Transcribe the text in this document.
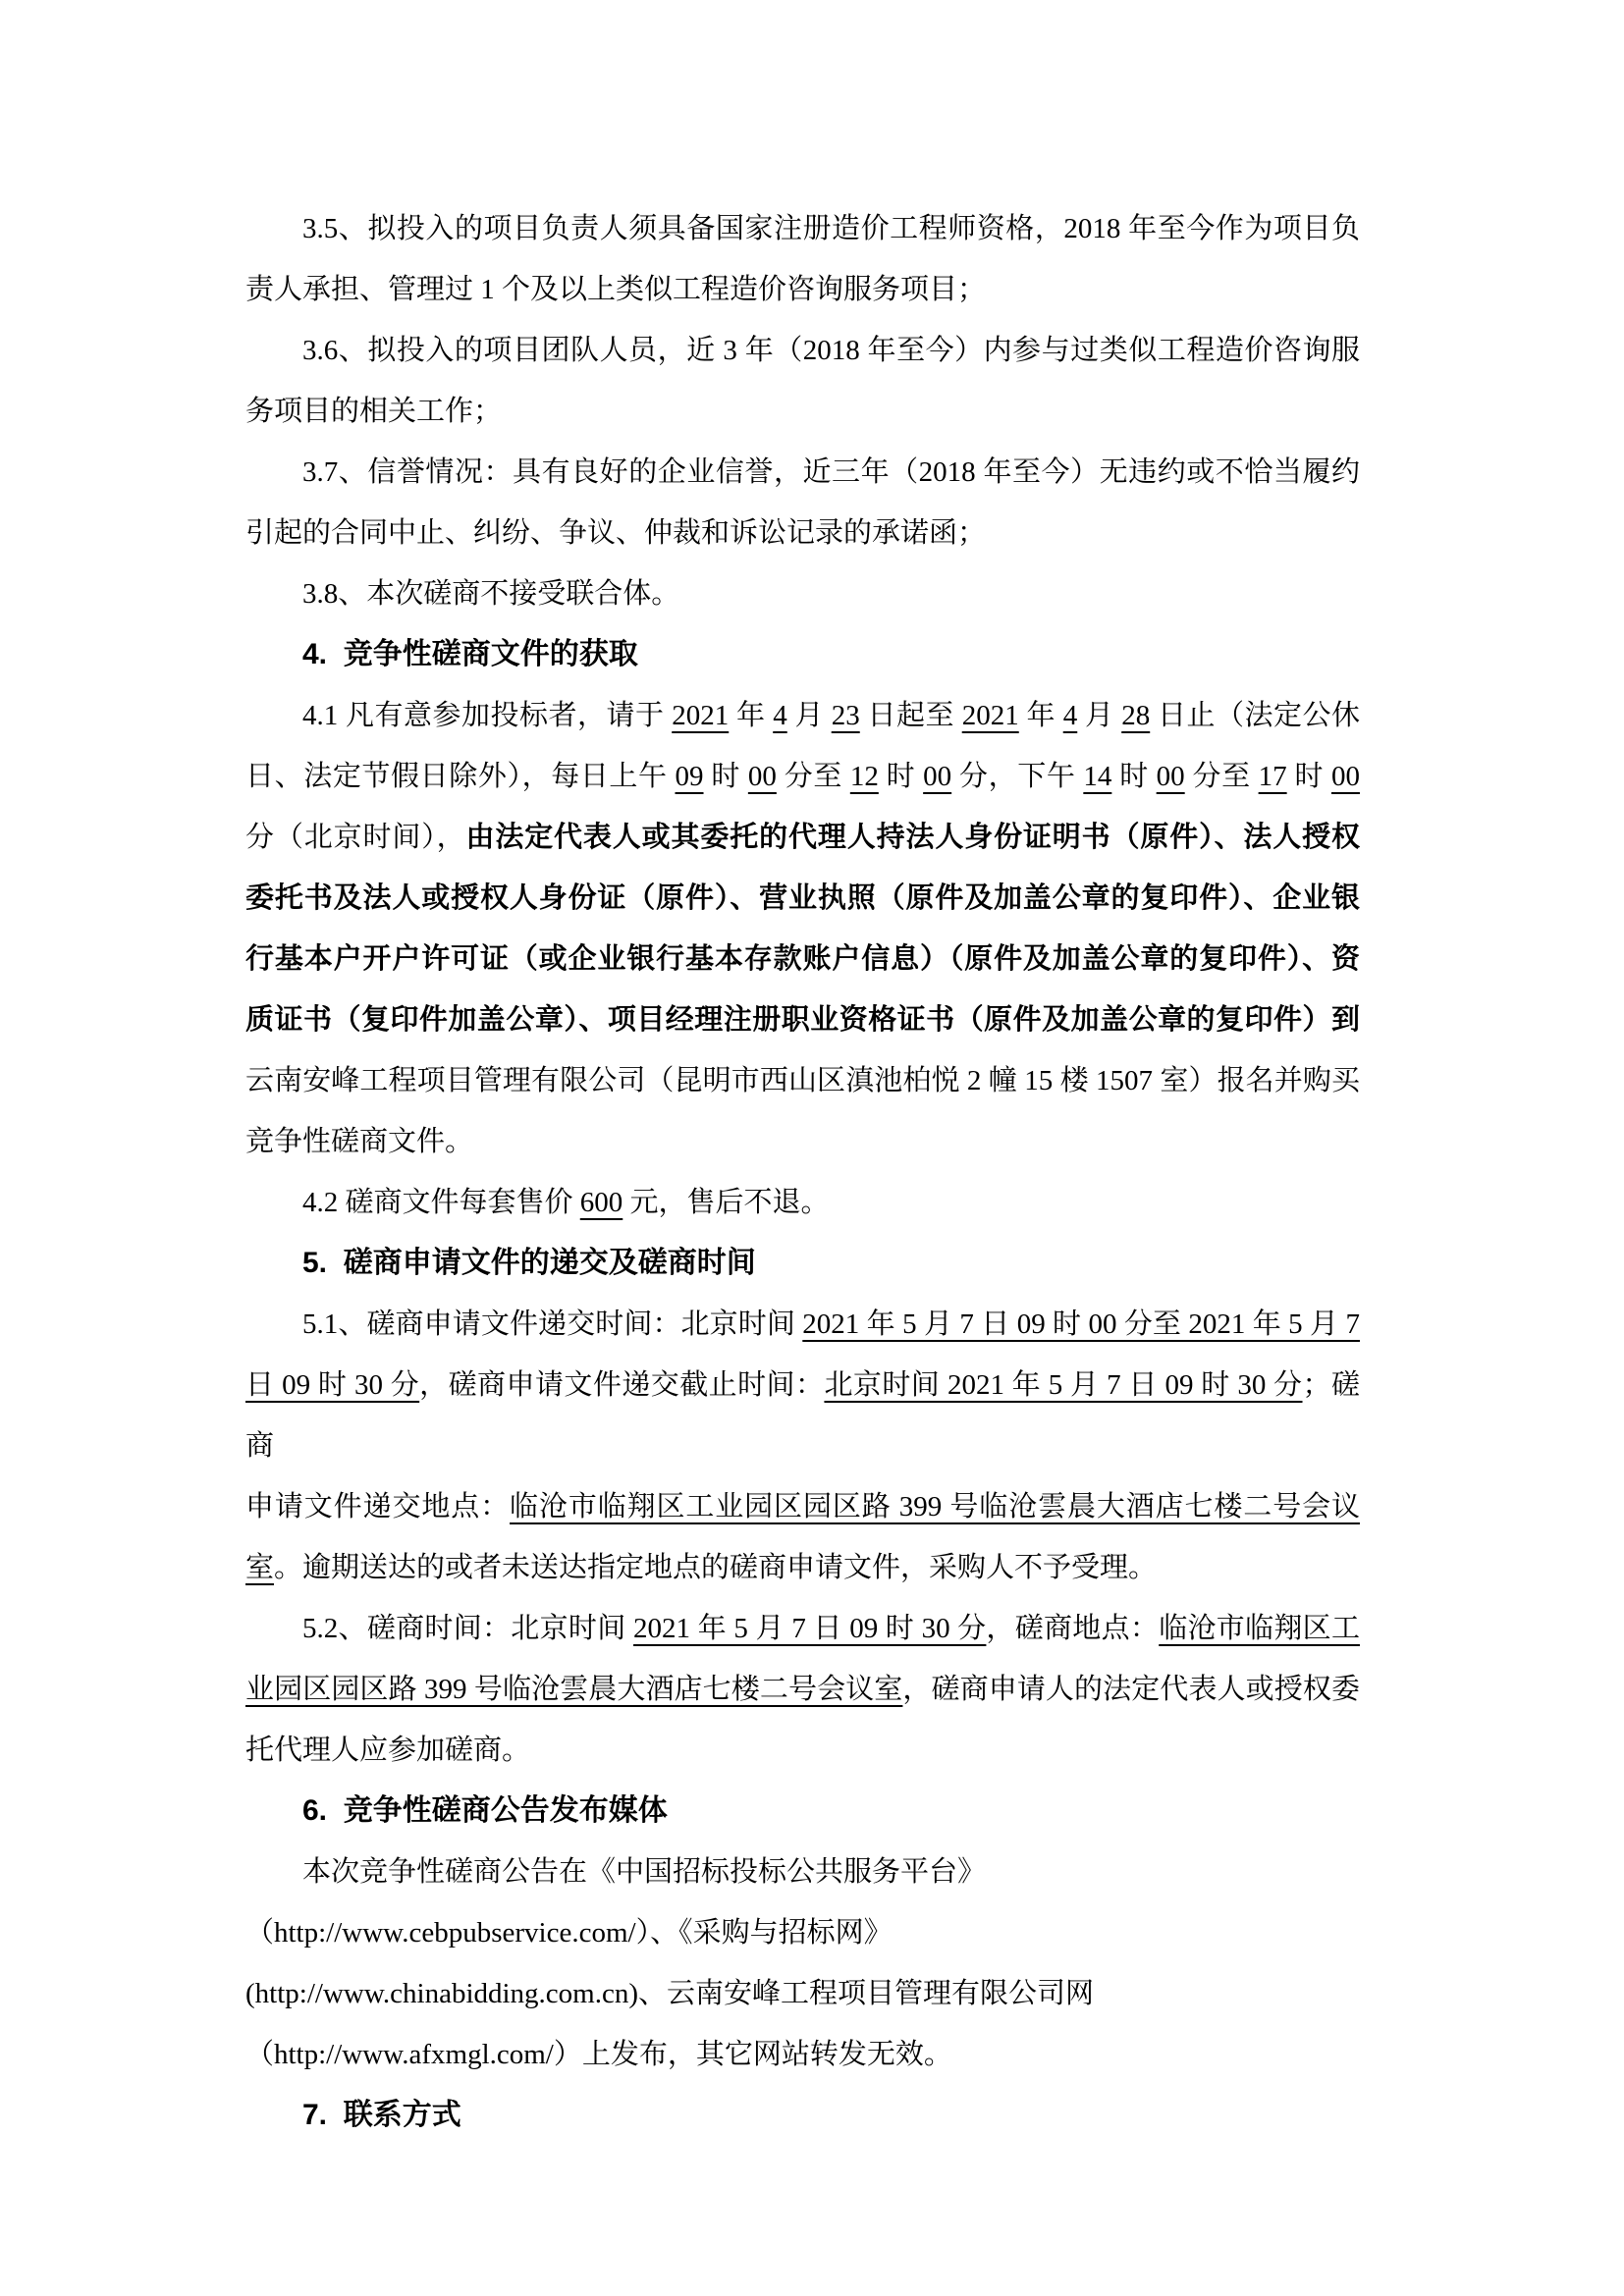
3.5、拟投入的项目负责人须具备国家注册造价工程师资格，2018 年至今作为项目负
责人承担、管理过 1 个及以上类似工程造价咨询服务项目；
3.6、拟投入的项目团队人员，近 3 年（2018 年至今）内参与过类似工程造价咨询服
务项目的相关工作；
3.7、信誉情况：具有良好的企业信誉，近三年（2018 年至今）无违约或不恰当履约
引起的合同中止、纠纷、争议、仲裁和诉讼记录的承诺函；
3.8、本次磋商不接受联合体。
4.  竞争性磋商文件的获取
4.1 凡有意参加投标者，请于 2021 年 4 月 23 日起至 2021 年 4 月 28 日止（法定公休
日、法定节假日除外），每日上午 09 时 00 分至 12 时 00 分，下午 14 时 00 分至 17 时 00
分（北京时间），由法定代表人或其委托的代理人持法人身份证明书（原件）、法人授权
委托书及法人或授权人身份证（原件）、营业执照（原件及加盖公章的复印件）、企业银
行基本户开户许可证（或企业银行基本存款账户信息）（原件及加盖公章的复印件）、资
质证书（复印件加盖公章）、项目经理注册职业资格证书（原件及加盖公章的复印件）到
云南安峰工程项目管理有限公司（昆明市西山区滇池柏悦 2 幢 15 楼 1507 室）报名并购买
竞争性磋商文件。
4.2 磋商文件每套售价 600 元，售后不退。
5.  磋商申请文件的递交及磋商时间
5.1、磋商申请文件递交时间：北京时间 2021 年 5 月 7 日 09 时 00 分至 2021 年 5 月 7
日 09 时 30 分，磋商申请文件递交截止时间：北京时间 2021 年 5 月 7 日 09 时 30 分；磋商
申请文件递交地点：临沧市临翔区工业园区园区路 399 号临沧雲晨大酒店七楼二号会议
室。逾期送达的或者未送达指定地点的磋商申请文件，采购人不予受理。
5.2、磋商时间：北京时间 2021 年 5 月 7 日 09 时 30 分，磋商地点：临沧市临翔区工
业园区园区路 399 号临沧雲晨大酒店七楼二号会议室，磋商申请人的法定代表人或授权委
托代理人应参加磋商。
6.  竞争性磋商公告发布媒体
本次竞争性磋商公告在《中国招标投标公共服务平台》
（http://www.cebpubservice.com/）、《采购与招标网》
(http://www.chinabidding.com.cn)、云南安峰工程项目管理有限公司网
（http://www.afxmgl.com/）上发布，其它网站转发无效。
7.  联系方式
